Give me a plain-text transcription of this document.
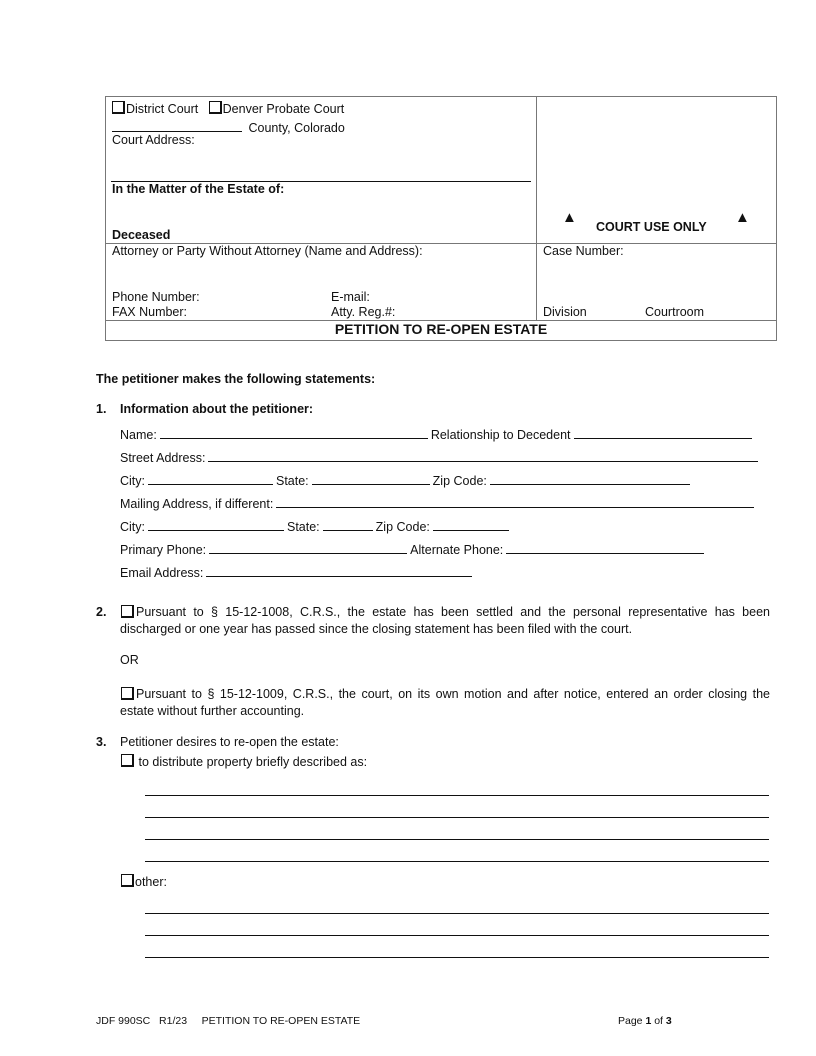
District Court Denver Probate Court
County, Colorado
Court Address:
In the Matter of the Estate of:
Deceased
▲
COURT USE ONLY
▲
Attorney or Party Without Attorney (Name and Address):
Phone Number:	E-mail:
FAX Number:	Atty. Reg.#:
Case Number:
Division	Courtroom
PETITION TO RE-OPEN ESTATE
The petitioner makes the following statements:
1. Information about the petitioner:
Name:	Relationship to Decedent
Street Address:
City:	State:	Zip Code:
Mailing Address, if different:
City:	State:	Zip Code:
Primary Phone:	Alternate Phone:
Email Address:
2.	Pursuant to § 15-12-1008, C.R.S., the estate has been settled and the personal representative has been discharged or one year has passed since the closing statement has been filed with the court.
OR
Pursuant to § 15-12-1009, C.R.S., the court, on its own motion and after notice, entered an order closing the estate without further accounting.
3. Petitioner desires to re-open the estate:
to distribute property briefly described as:
other:
JDF 990SC   R1/23     PETITION TO RE-OPEN ESTATE	Page 1 of 3
